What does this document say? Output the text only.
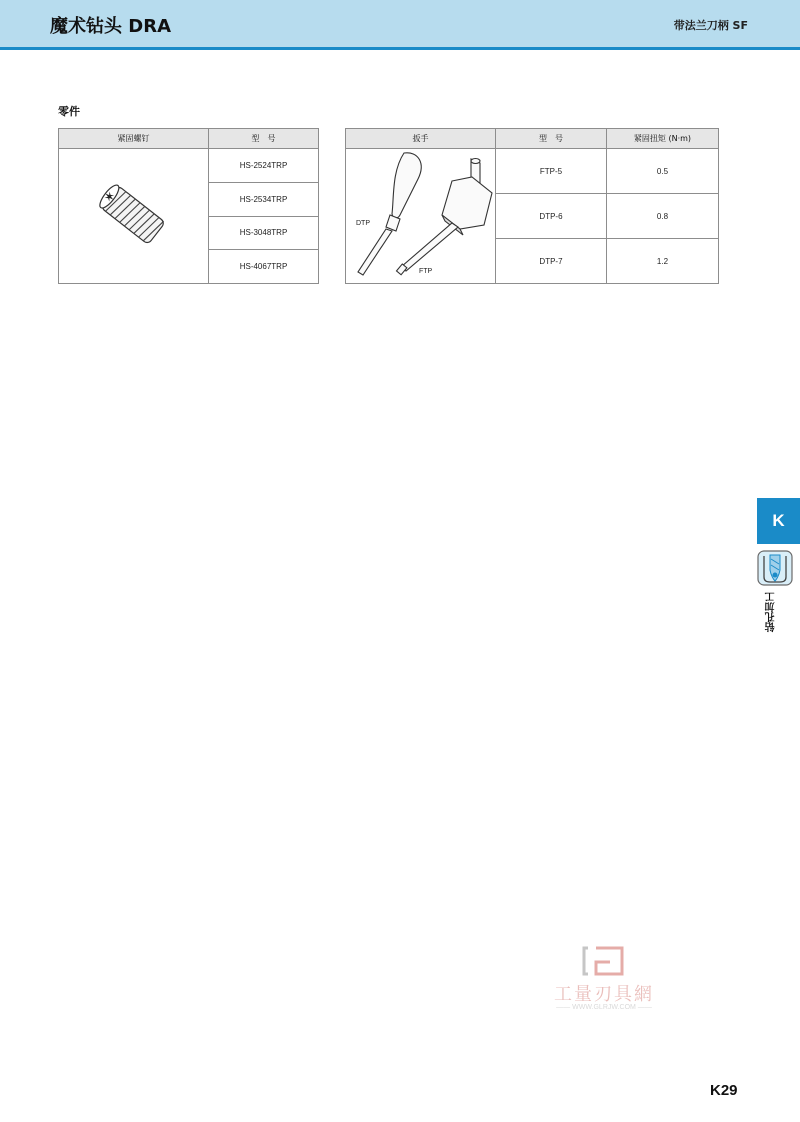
魔术钻头 DRA	带法兰刀柄 SF
零件
紧固螺钉	型　号
	HS-2524TRP
	HS-2534TRP
	HS-3048TRP
	HS-4067TRP
扳手	型　号	紧固扭矩 (N·m)

DTP
FTP	FTP-5	0.5
	DTP-6	0.8
	DTP-7	1.2
K
钻孔加工
工量刃具網
—— WWW.GLRJW.COM ——
K29
